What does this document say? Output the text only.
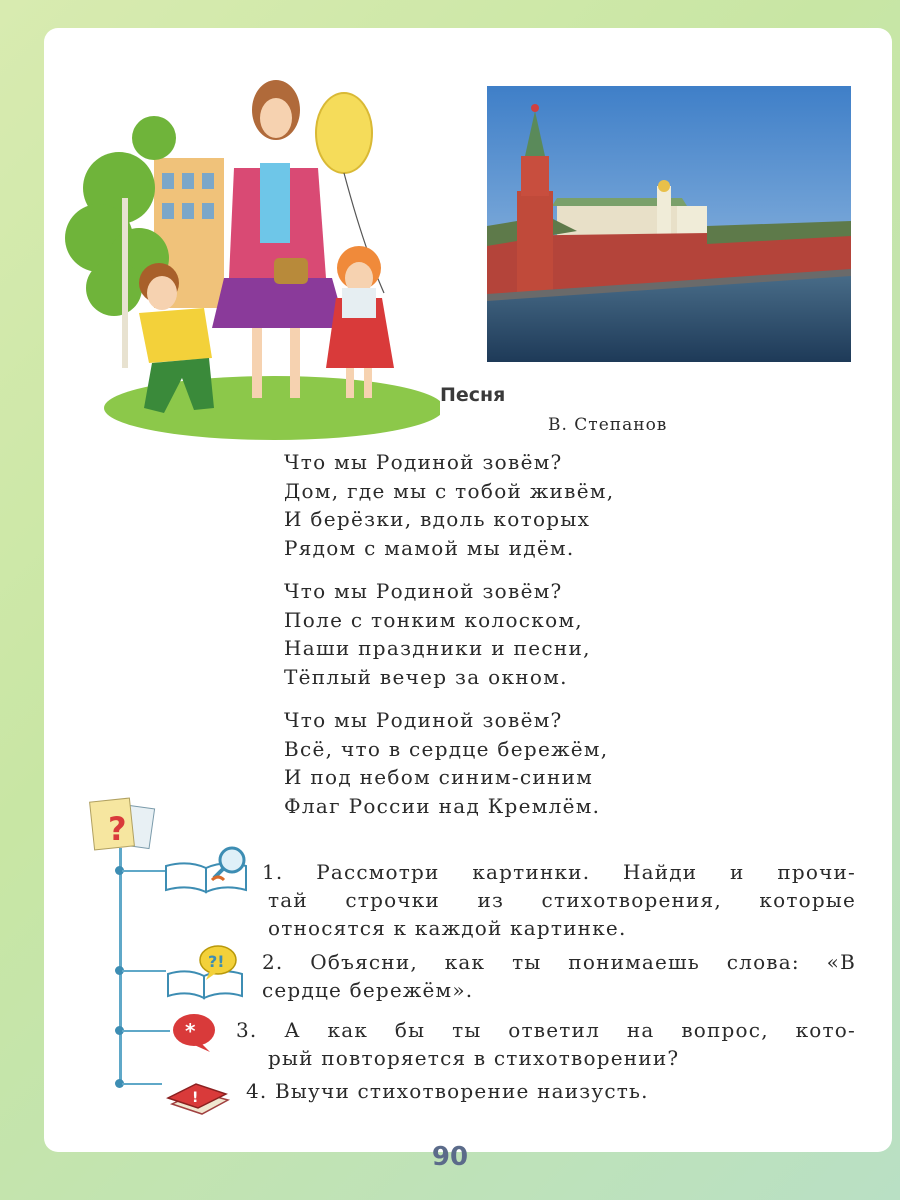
Песня
В. Степанов
Что мы Родиной зовём?
Дом, где мы с тобой живём,
И берёзки, вдоль которых
Рядом с мамой мы идём.
Что мы Родиной зовём?
Поле с тонким колоском,
Наши праздники и песни,
Тёплый вечер за окном.
Что мы Родиной зовём?
Всё, что в сердце бережём,
И под небом синим-синим
Флаг России над Кремлём.
?
?!
*
!
1. Рассмотри картинки. Найди и прочи-
тай строчки из стихотворения, которые
относятся к каждой картинке.
2. Объясни, как ты понимаешь слова: «В
сердце бережём».
3. А как бы ты ответил на вопрос, кото-
рый повторяется в стихотворении?
4. Выучи стихотворение наизусть.
90
